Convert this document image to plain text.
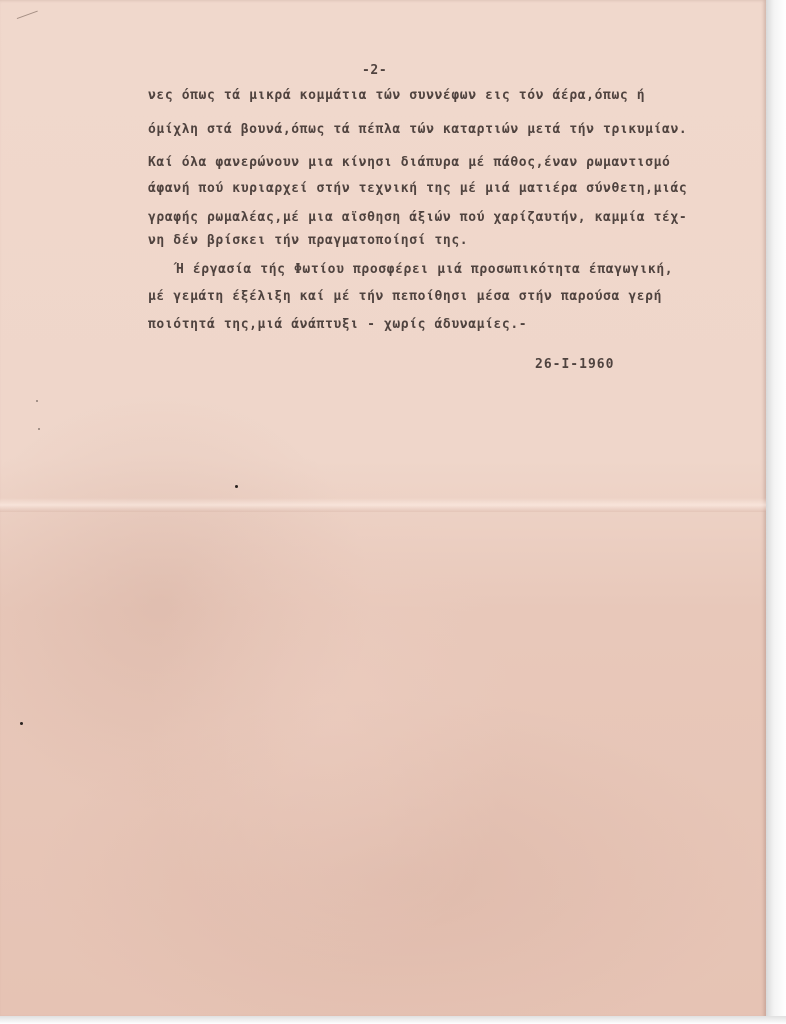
-2-
νες όπως τά μικρά κομμάτια τών συννέφων εις τόν άέρα,όπως ή
όμίχλη στά βουνά,όπως τά πέπλα τών καταρτιών μετά τήν τρικυμίαν.
Καί όλα φανερώνουν μια κίνησι διάπυρα μέ πάθος,έναν ρωμαντισμό
άφανή πού κυριαρχεί στήν τεχνική της μέ μιά ματιέρα σύνθετη,μιάς
γραφής ρωμαλέας,μέ μια αϊσθηση άξιών πού χαρίζαυτήν, καμμία τέχ-
νη δέν βρίσκει τήν πραγματοποίησί της.
Ή έργασία τής Φωτίου προσφέρει μιά προσωπικότητα έπαγωγική,
μέ γεμάτη έξέλιξη καί μέ τήν πεποίθησι μέσα στήν παρούσα γερή
ποιότητά της,μιά άνάπτυξι - χωρίς άδυναμίες.-
26-I-1960
